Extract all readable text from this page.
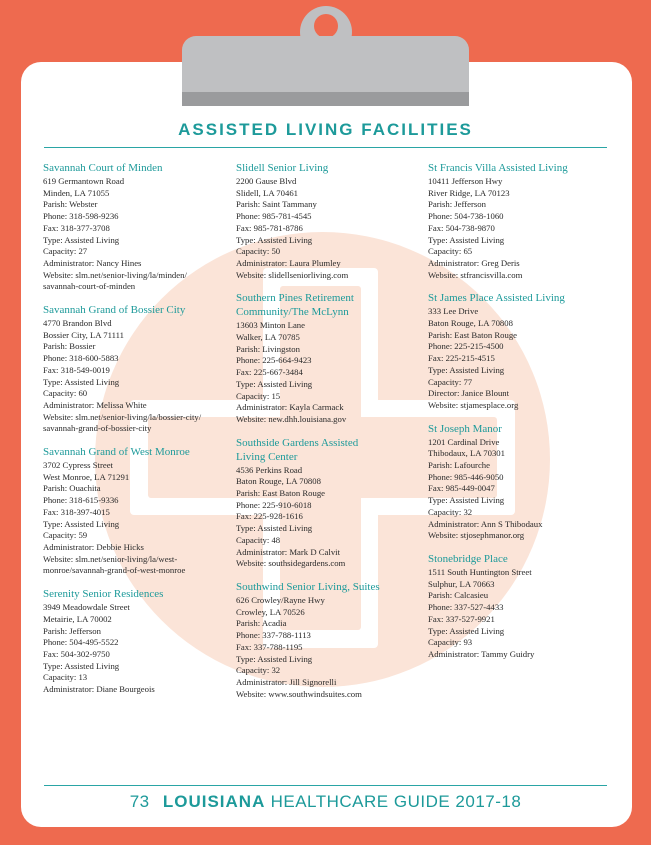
ASSISTED LIVING FACILITIES
Savannah Court of Minden
619 Germantown Road
Minden, LA 71055
Parish: Webster
Phone: 318-598-9236
Fax: 318-377-3708
Type: Assisted Living
Capacity: 27
Administrator: Nancy Hines
Website: slm.net/senior-living/la/minden/
savannah-court-of-minden
Savannah Grand of Bossier City
4770 Brandon Blvd
Bossier City, LA 71111
Parish: Bossier
Phone: 318-600-5883
Fax: 318-549-0019
Type: Assisted Living
Capacity: 60
Administrator: Melissa White
Website: slm.net/senior-living/la/bossier-city/
savannah-grand-of-bossier-city
Savannah Grand of West Monroe
3702 Cypress Street
West Monroe, LA 71291
Parish: Ouachita
Phone: 318-615-9336
Fax: 318-397-4015
Type: Assisted Living
Capacity: 59
Administrator: Debbie Hicks
Website: slm.net/senior-living/la/west-
monroe/savannah-grand-of-west-monroe
Serenity Senior Residences
3949 Meadowdale Street
Metairie, LA 70002
Parish: Jefferson
Phone: 504-495-5522
Fax: 504-302-9750
Type: Assisted Living
Capacity: 13
Administrator: Diane Bourgeois
Slidell Senior Living
2200 Gause Blvd
Slidell, LA 70461
Parish: Saint Tammany
Phone: 985-781-4545
Fax: 985-781-8786
Type: Assisted Living
Capacity: 50
Administrator: Laura Plumley
Website: slidellseniorliving.com
Southern Pines Retirement
Community/The McLynn
13603 Minton Lane
Walker, LA 70785
Parish: Livingston
Phone: 225-664-9423
Fax: 225-667-3484
Type: Assisted Living
Capacity: 15
Administrator: Kayla Carmack
Website: new.dhh.louisiana.gov
Southside Gardens Assisted
Living Center
4536 Perkins Road
Baton Rouge, LA 70808
Parish: East Baton Rouge
Phone: 225-910-6018
Fax: 225-928-1616
Type: Assisted Living
Capacity: 48
Administrator: Mark D Calvit
Website: southsidegardens.com
Southwind Senior Living, Suites
626 Crowley/Rayne Hwy
Crowley, LA 70526
Parish: Acadia
Phone: 337-788-1113
Fax: 337-788-1195
Type: Assisted Living
Capacity: 32
Administrator: Jill Signorelli
Website: www.southwindsuites.com
St Francis Villa Assisted Living
10411 Jefferson Hwy
River Ridge, LA 70123
Parish: Jefferson
Phone: 504-738-1060
Fax: 504-738-9870
Type: Assisted Living
Capacity: 65
Administrator: Greg Deris
Website: stfrancisvilla.com
St James Place Assisted Living
333 Lee Drive
Baton Rouge, LA 70808
Parish: East Baton Rouge
Phone: 225-215-4500
Fax: 225-215-4515
Type: Assisted Living
Capacity: 77
Director: Janice Blount
Website: stjamesplace.org
St Joseph Manor
1201 Cardinal Drive
Thibodaux, LA 70301
Parish: Lafourche
Phone: 985-446-9050
Fax: 985-449-0047
Type: Assisted Living
Capacity: 32
Administrator: Ann S Thibodaux
Website: stjosephmanor.org
Stonebridge Place
1511 South Huntington Street
Sulphur, LA 70663
Parish: Calcasieu
Phone: 337-527-4433
Fax: 337-527-9921
Type: Assisted Living
Capacity: 93
Administrator: Tammy Guidry
73 LOUISIANA HEALTHCARE GUIDE 2017-18
